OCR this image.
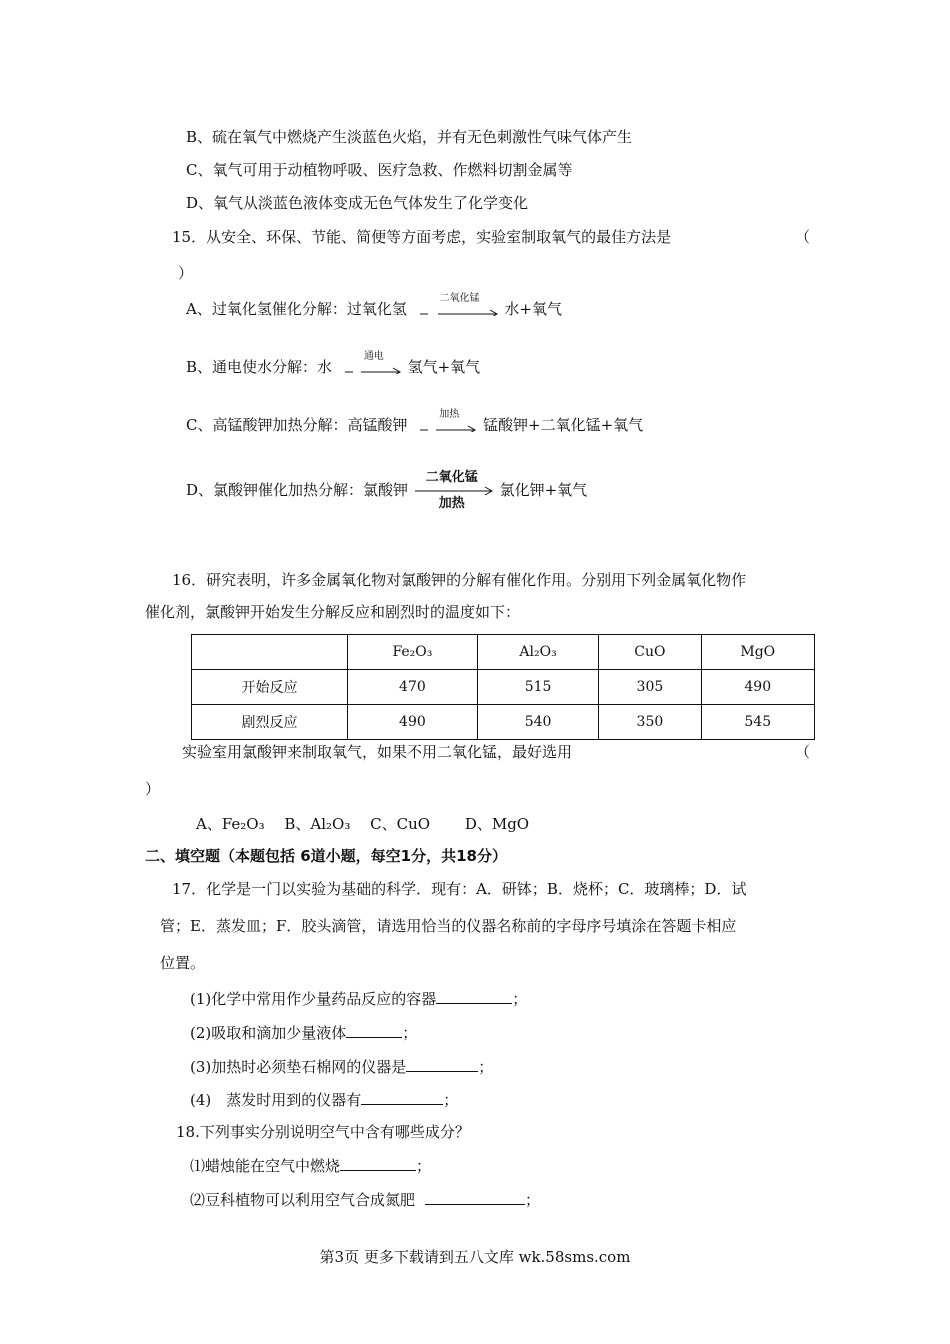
B、硫在氧气中燃烧产生淡蓝色火焰，并有无色刺激性气味气体产生
C、氧气可用于动植物呼吸、医疗急救、作燃料切割金属等
D、氧气从淡蓝色液体变成无色气体发生了化学变化
15．从安全、环保、节能、简便等方面考虑，实验室制取氧气的最佳方法是	（
）
A、过氧化氢催化分解：过氧化氢
二氧化锰
水+氧气
B、通电使水分解：水
通电
氢气+氧气
C、高锰酸钾加热分解：高锰酸钾
加热
锰酸钾+二氧化锰+氧气
D、氯酸钾催化加热分解：氯酸钾
二氧化锰
加热
氯化钾+氧气
16．研究表明，许多金属氧化物对氯酸钾的分解有催化作用。分别用下列金属氧化物作
催化剂，氯酸钾开始发生分解反应和剧烈时的温度如下：
	Fe₂O₃	Al₂O₃	CuO	MgO
开始反应	470	515	305	490
剧烈反应	490	540	350	545
实验室用氯酸钾来制取氧气，如果不用二氧化锰，最好选用	（
）
A、Fe₂O₃　 B、Al₂O₃　 C、CuO　　 D、MgO
二、填空题（本题包括 6道小题，每空1分，共18分）
17．化学是一门以实验为基础的科学．现有：A．研钵；B．烧杯；C．玻璃棒；D．试
管；E．蒸发皿；F．胶头滴管，请选用恰当的仪器名称前的字母序号填涂在答题卡相应
位置。
(1)化学中常用作少量药品反应的容器	；
(2)吸取和滴加少量液体	；
(3)加热时必须垫石棉网的仪器是	；
(4)　蒸发时用到的仪器有	；
18.下列事实分别说明空气中含有哪些成分？
⑴蜡烛能在空气中燃烧	；
⑵豆科植物可以利用空气合成氮肥	；
第3页 更多下载请到五八文库 wk.58sms.com
